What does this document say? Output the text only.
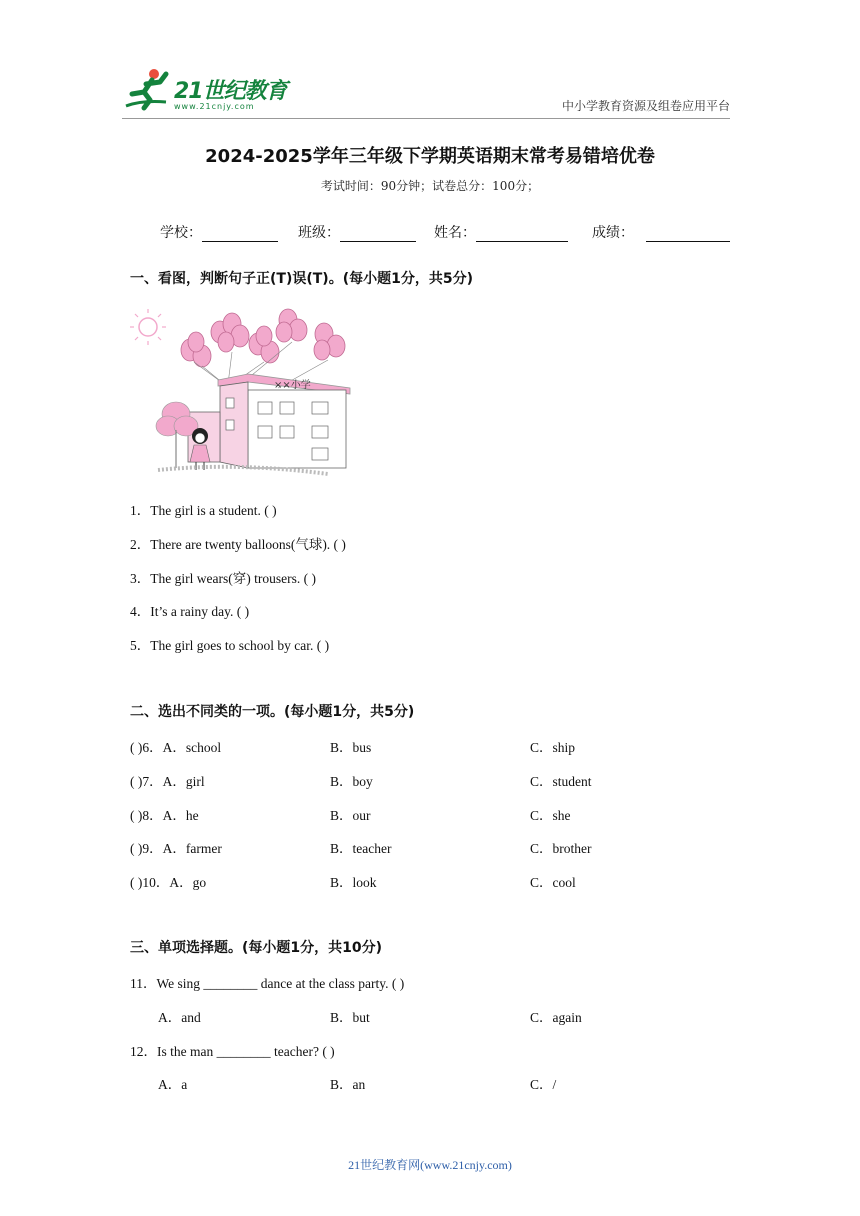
21世纪教育
www.21cnjy.com	中小学教育资源及组卷应用平台
2024-2025学年三年级下学期英语期末常考易错培优卷
考试时间：90分钟；试卷总分：100分；
学校：	班级：	姓名：	成绩：
一、看图，判断句子正(T)误(T)。(每小题1分，共5分)
××小学
1．The girl is a student. ( )
2．There are twenty balloons(气球). ( )
3．The girl wears(穿) trousers. ( )
4．It’s a rainy day. ( )
5．The girl goes to school by car. ( )
二、选出不同类的一项。(每小题1分，共5分)
( )6．A．school	B．bus	C．ship
( )7．A．girl	B．boy	C．student
( )8．A．he	B．our	C．she
( )9．A．farmer	B．teacher	C．brother
( )10．A．go	B．look	C．cool
三、单项选择题。(每小题1分，共10分)
11．We sing ________ dance at the class party. ( )
A．and	B．but	C．again
12．Is the man ________ teacher? ( )
A．a	B．an	C．/
21世纪教育网(www.21cnjy.com)
